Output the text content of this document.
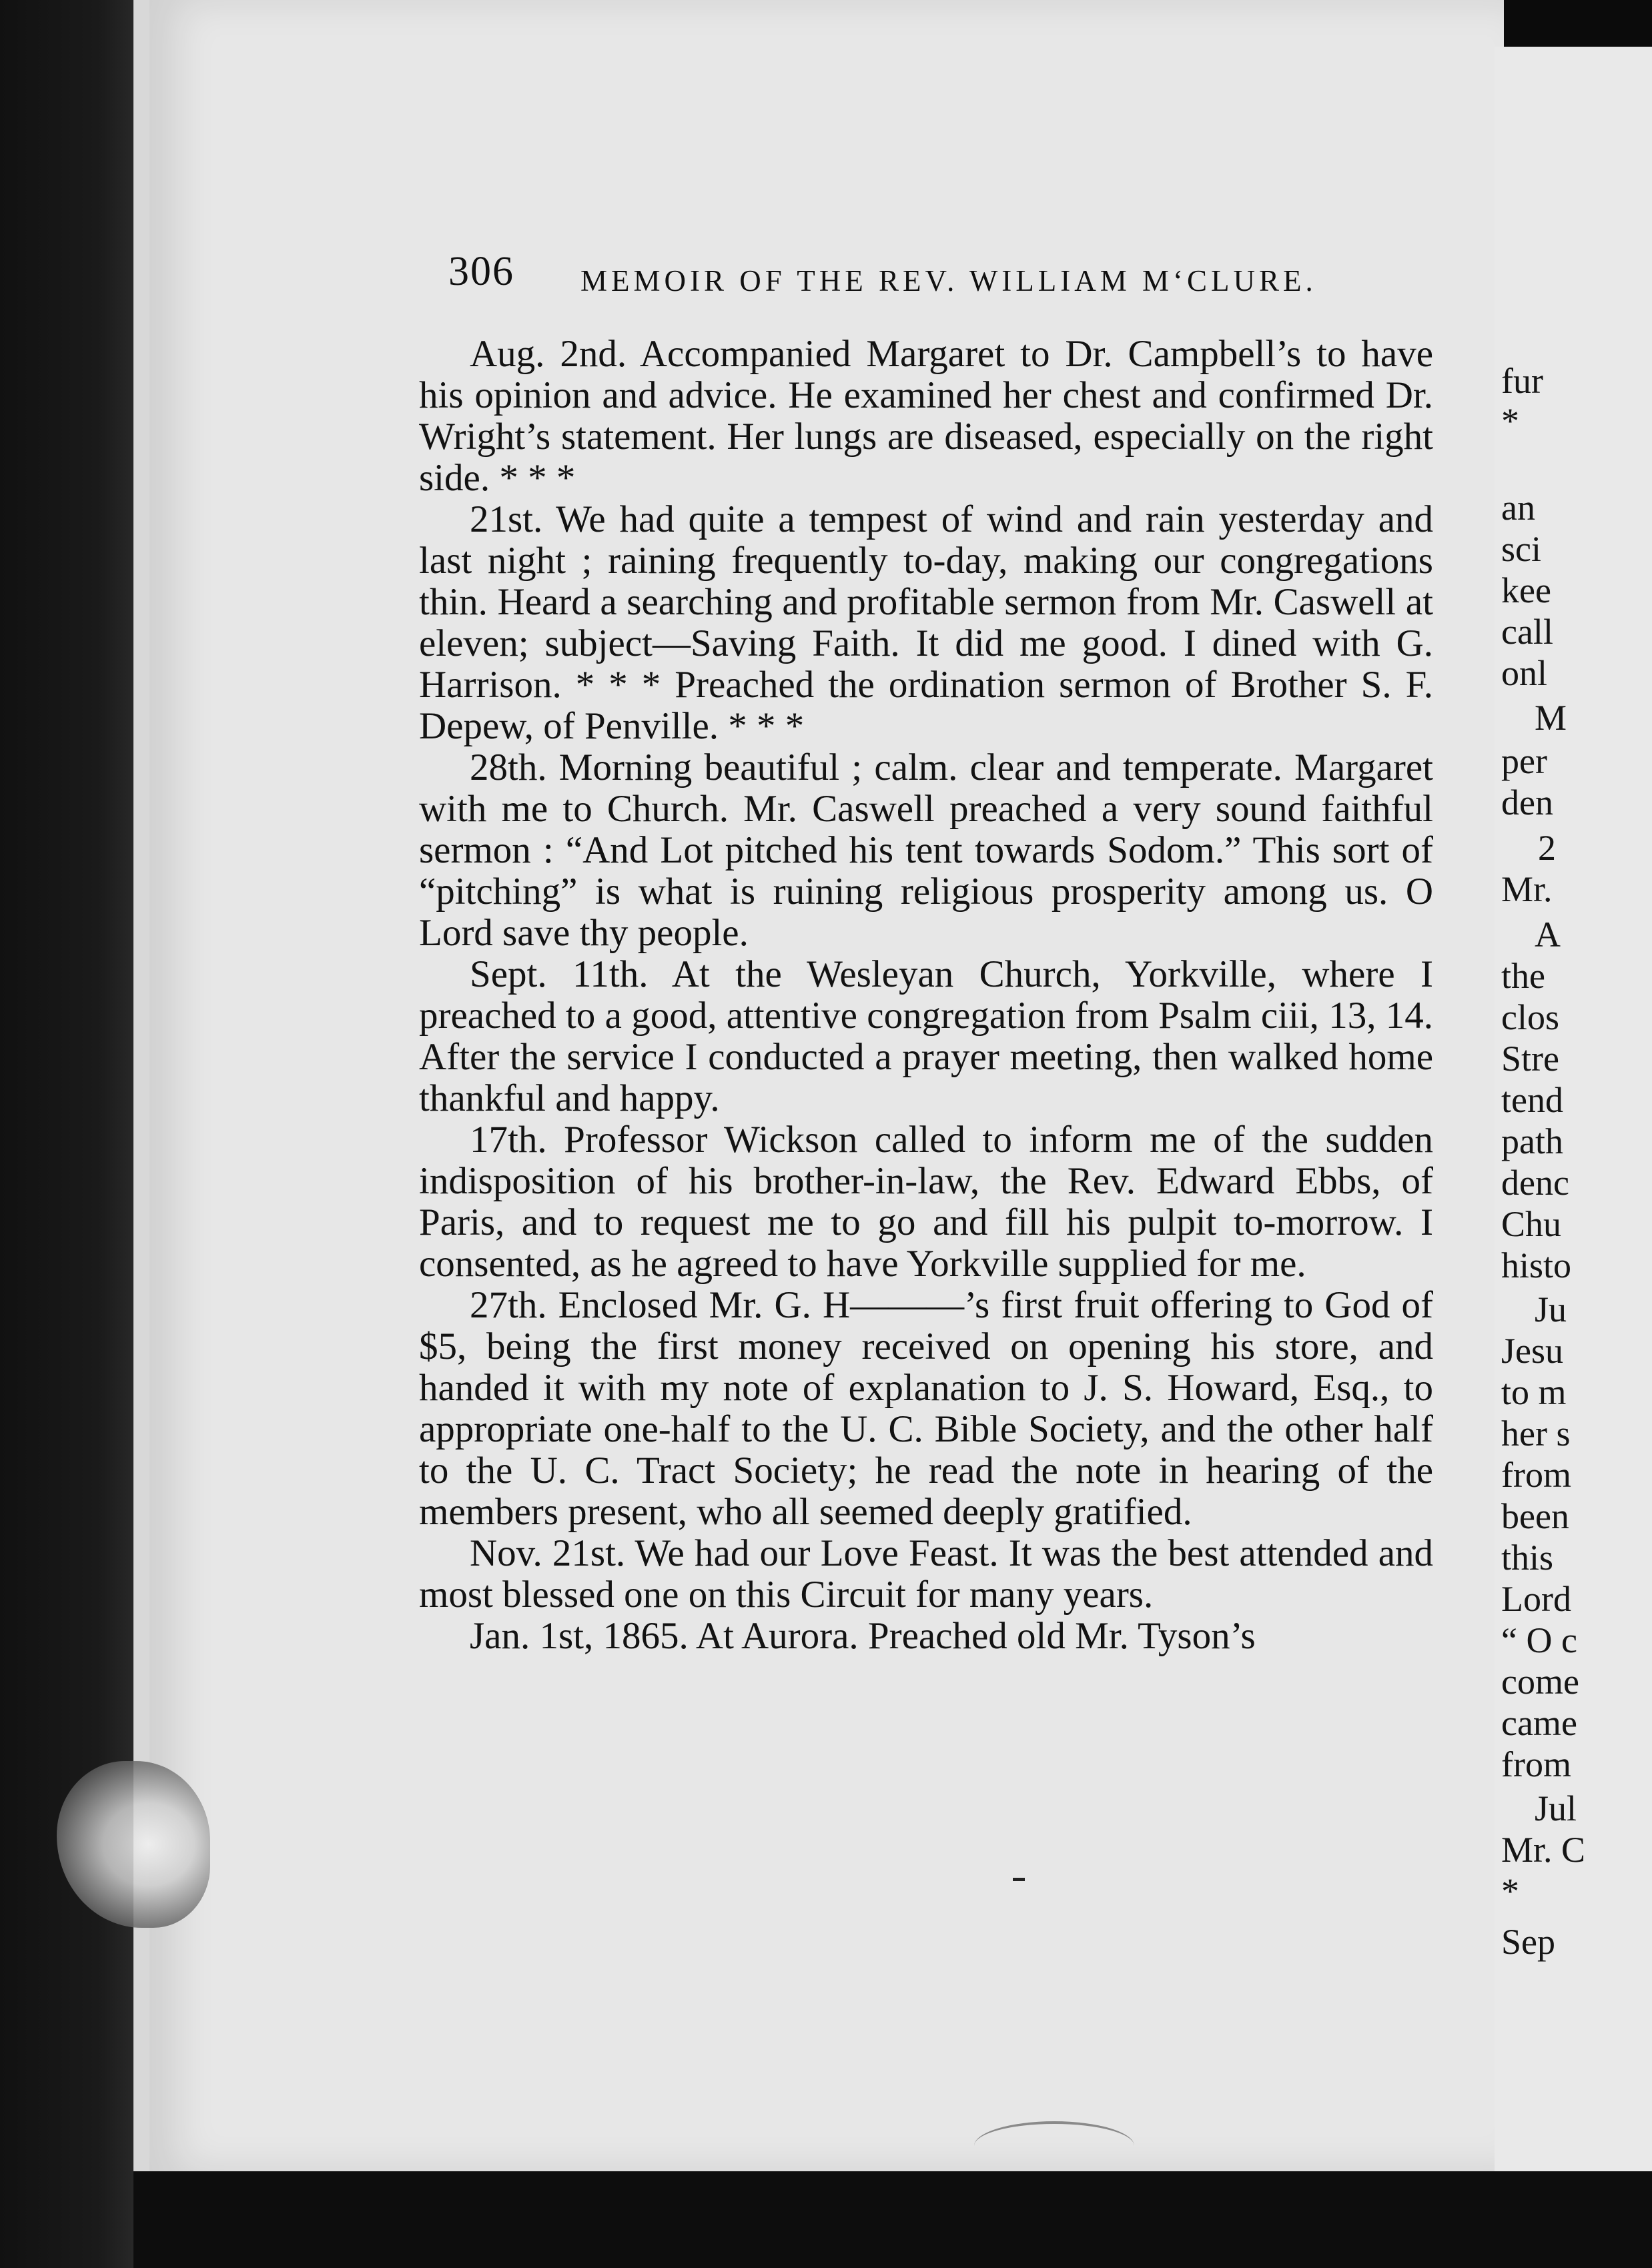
306 MEMOIR OF THE REV. WILLIAM M‘CLURE.

Aug. 2nd. Accompanied Margaret to Dr. Campbell’s to have his opinion and advice. He examined her chest and confirmed Dr. Wright’s statement. Her lungs are diseased, especially on the right side. * * *

21st. We had quite a tempest of wind and rain yesterday and last night ; raining frequently to-day, making our congregations thin. Heard a searching and profitable sermon from Mr. Caswell at eleven; subject—Saving Faith. It did me good. I dined with G. Harrison. * * * Preached the ordination sermon of Brother S. F. Depew, of Penville. * * *

28th. Morning beautiful ; calm. clear and temperate. Margaret with me to Church. Mr. Caswell preached a very sound faithful sermon : “And Lot pitched his tent towards Sodom.” This sort of “pitching” is what is ruining religious prosperity among us. O Lord save thy people.

Sept. 11th. At the Wesleyan Church, Yorkville, where I preached to a good, attentive congregation from Psalm ciii, 13, 14. After the service I conducted a prayer meeting, then walked home thankful and happy.

17th. Professor Wickson called to inform me of the sudden indisposition of his brother-in-law, the Rev. Edward Ebbs, of Paris, and to request me to go and fill his pulpit to-morrow. I consented, as he agreed to have Yorkville supplied for me.

27th. Enclosed Mr. G. H———’s first fruit offering to God of $5, being the first money received on opening his store, and handed it with my note of explanation to J. S. Howard, Esq., to appropriate one-half to the U. C. Bible Society, and the other half to the U. C. Tract Society; he read the note in hearing of the members present, who all seemed deeply gratified.

Nov. 21st. We had our Love Feast. It was the best attended and most blessed one on this Circuit for many years.

Jan. 1st, 1865. At Aurora. Preached old Mr. Tyson’s

fur
*
an
sci
kee
call
onl
M
per
den
2
Mr.
A
the
clos
Stre
tend
path
denc
Chu
histo
Ju
Jesu
to m
her s
from
been
this
Lord
“ O c
come
came
from
Jul
Mr. C
*
Sep
